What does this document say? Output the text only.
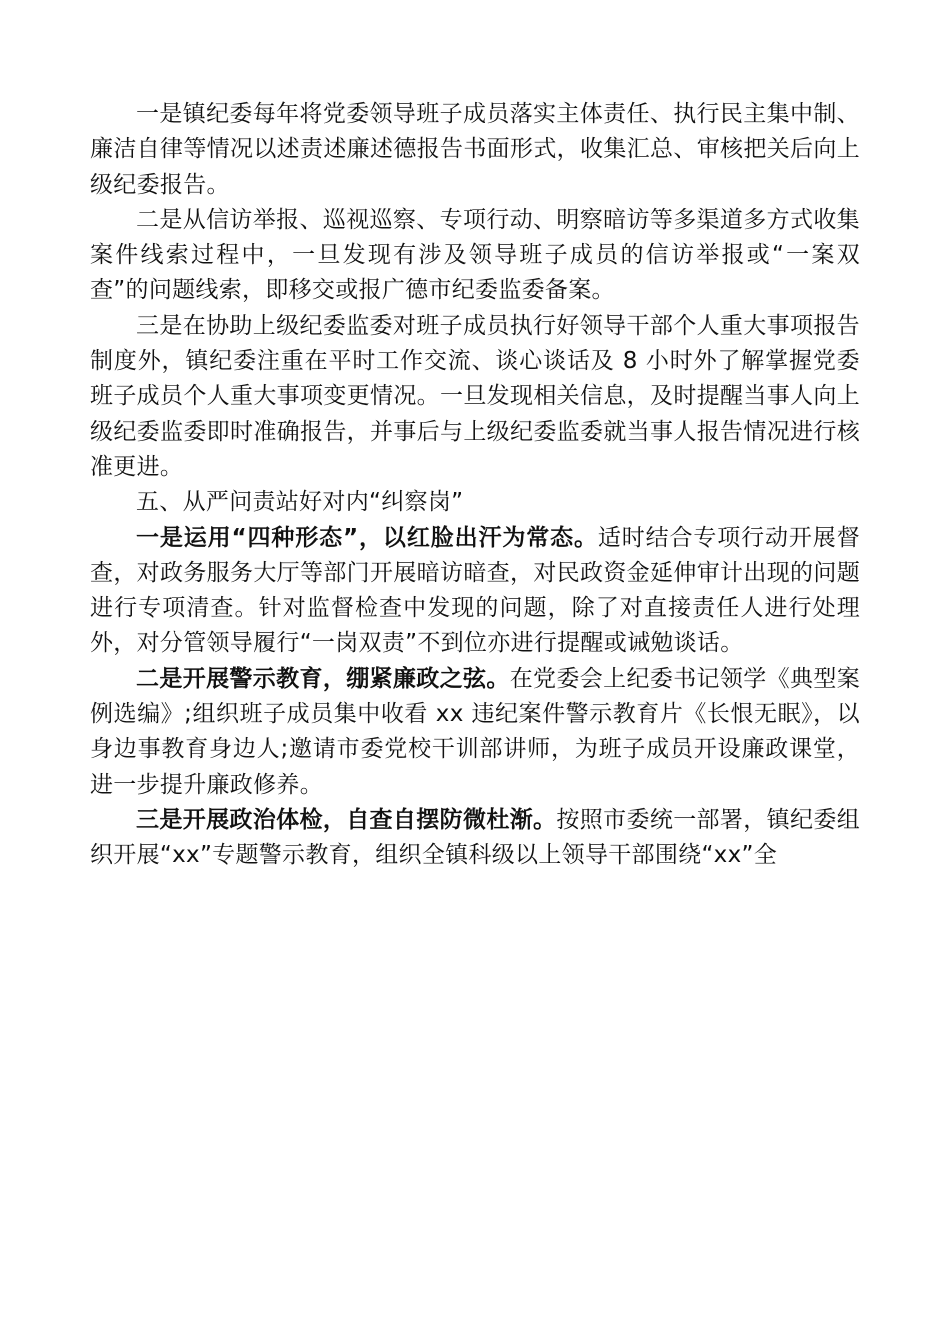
一是镇纪委每年将党委领导班子成员落实主体责任、执行民主集中制、廉洁自律等情况以述责述廉述德报告书面形式，收集汇总、审核把关后向上级纪委报告。

二是从信访举报、巡视巡察、专项行动、明察暗访等多渠道多方式收集案件线索过程中，一旦发现有涉及领导班子成员的信访举报或“一案双查”的问题线索，即移交或报广德市纪委监委备案。

三是在协助上级纪委监委对班子成员执行好领导干部个人重大事项报告制度外，镇纪委注重在平时工作交流、谈心谈话及 8 小时外了解掌握党委班子成员个人重大事项变更情况。一旦发现相关信息，及时提醒当事人向上级纪委监委即时准确报告，并事后与上级纪委监委就当事人报告情况进行核准更进。

五、从严问责站好对内“纠察岗”

一是运用“四种形态”，以红脸出汗为常态。适时结合专项行动开展督查，对政务服务大厅等部门开展暗访暗查，对民政资金延伸审计出现的问题进行专项清查。针对监督检查中发现的问题，除了对直接责任人进行处理外，对分管领导履行“一岗双责”不到位亦进行提醒或诫勉谈话。

二是开展警示教育，绷紧廉政之弦。在党委会上纪委书记领学《典型案例选编》;组织班子成员集中收看 xx 违纪案件警示教育片《长恨无眠》，以身边事教育身边人;邀请市委党校干训部讲师，为班子成员开设廉政课堂，进一步提升廉政修养。

三是开展政治体检，自查自摆防微杜渐。按照市委统一部署，镇纪委组织开展“xx”专题警示教育，组织全镇科级以上领导干部围绕“xx”全
